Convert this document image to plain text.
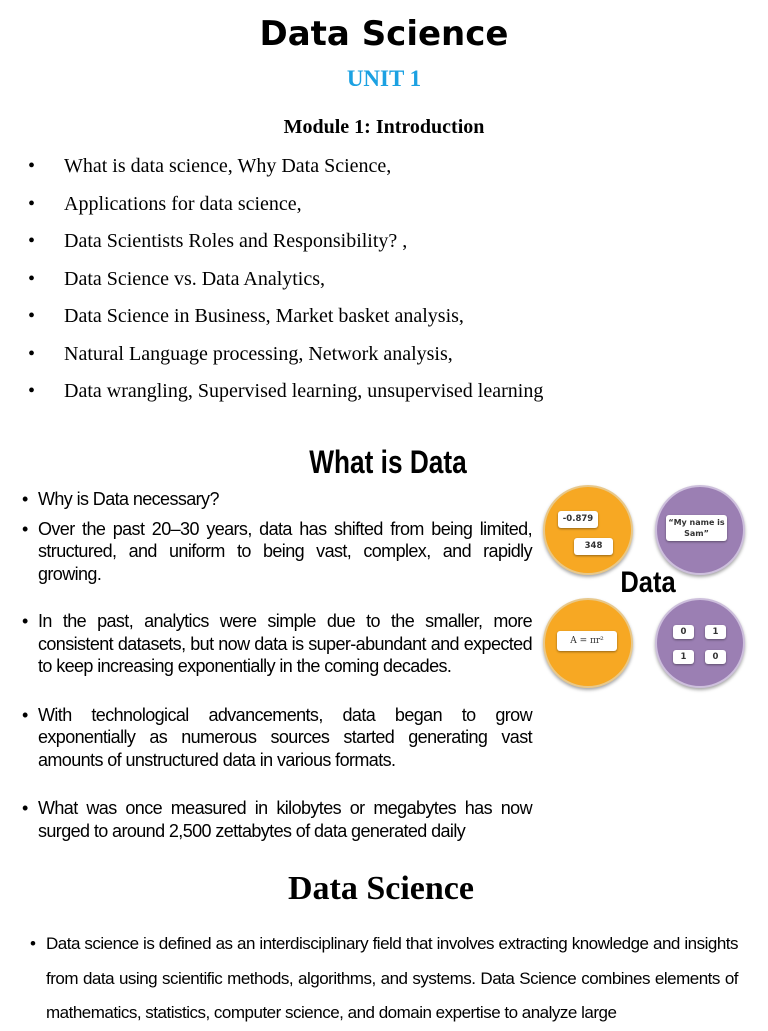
Data Science
UNIT 1
Module 1: Introduction
• What is data science, Why Data Science,
• Applications for data science,
• Data Scientists Roles and Responsibility? ,
• Data Science vs. Data Analytics,
• Data Science in Business, Market basket analysis,
• Natural Language processing, Network analysis,
• Data wrangling, Supervised learning, unsupervised learning
What is Data
• Why is Data necessary?
• Over the past 20–30 years, data has shifted from being limited, structured, and uniform to being vast, complex, and rapidly growing.
• In the past, analytics were simple due to the smaller, more consistent datasets, but now data is super-abundant and expected to keep increasing exponentially in the coming decades.
• With technological advancements, data began to grow exponentially as numerous sources started generating vast amounts of unstructured data in various formats.
• What was once measured in kilobytes or megabytes has now surged to around 2,500 zettabytes of data generated daily
-0.879
348
“My name is Sam”
Data
A = πr²
0	1
1	0
Data Science
• Data science is defined as an interdisciplinary field that involves extracting knowledge and insights from data using scientific methods, algorithms, and systems. Data Science combines elements of mathematics, statistics, computer science, and domain expertise to analyze large
